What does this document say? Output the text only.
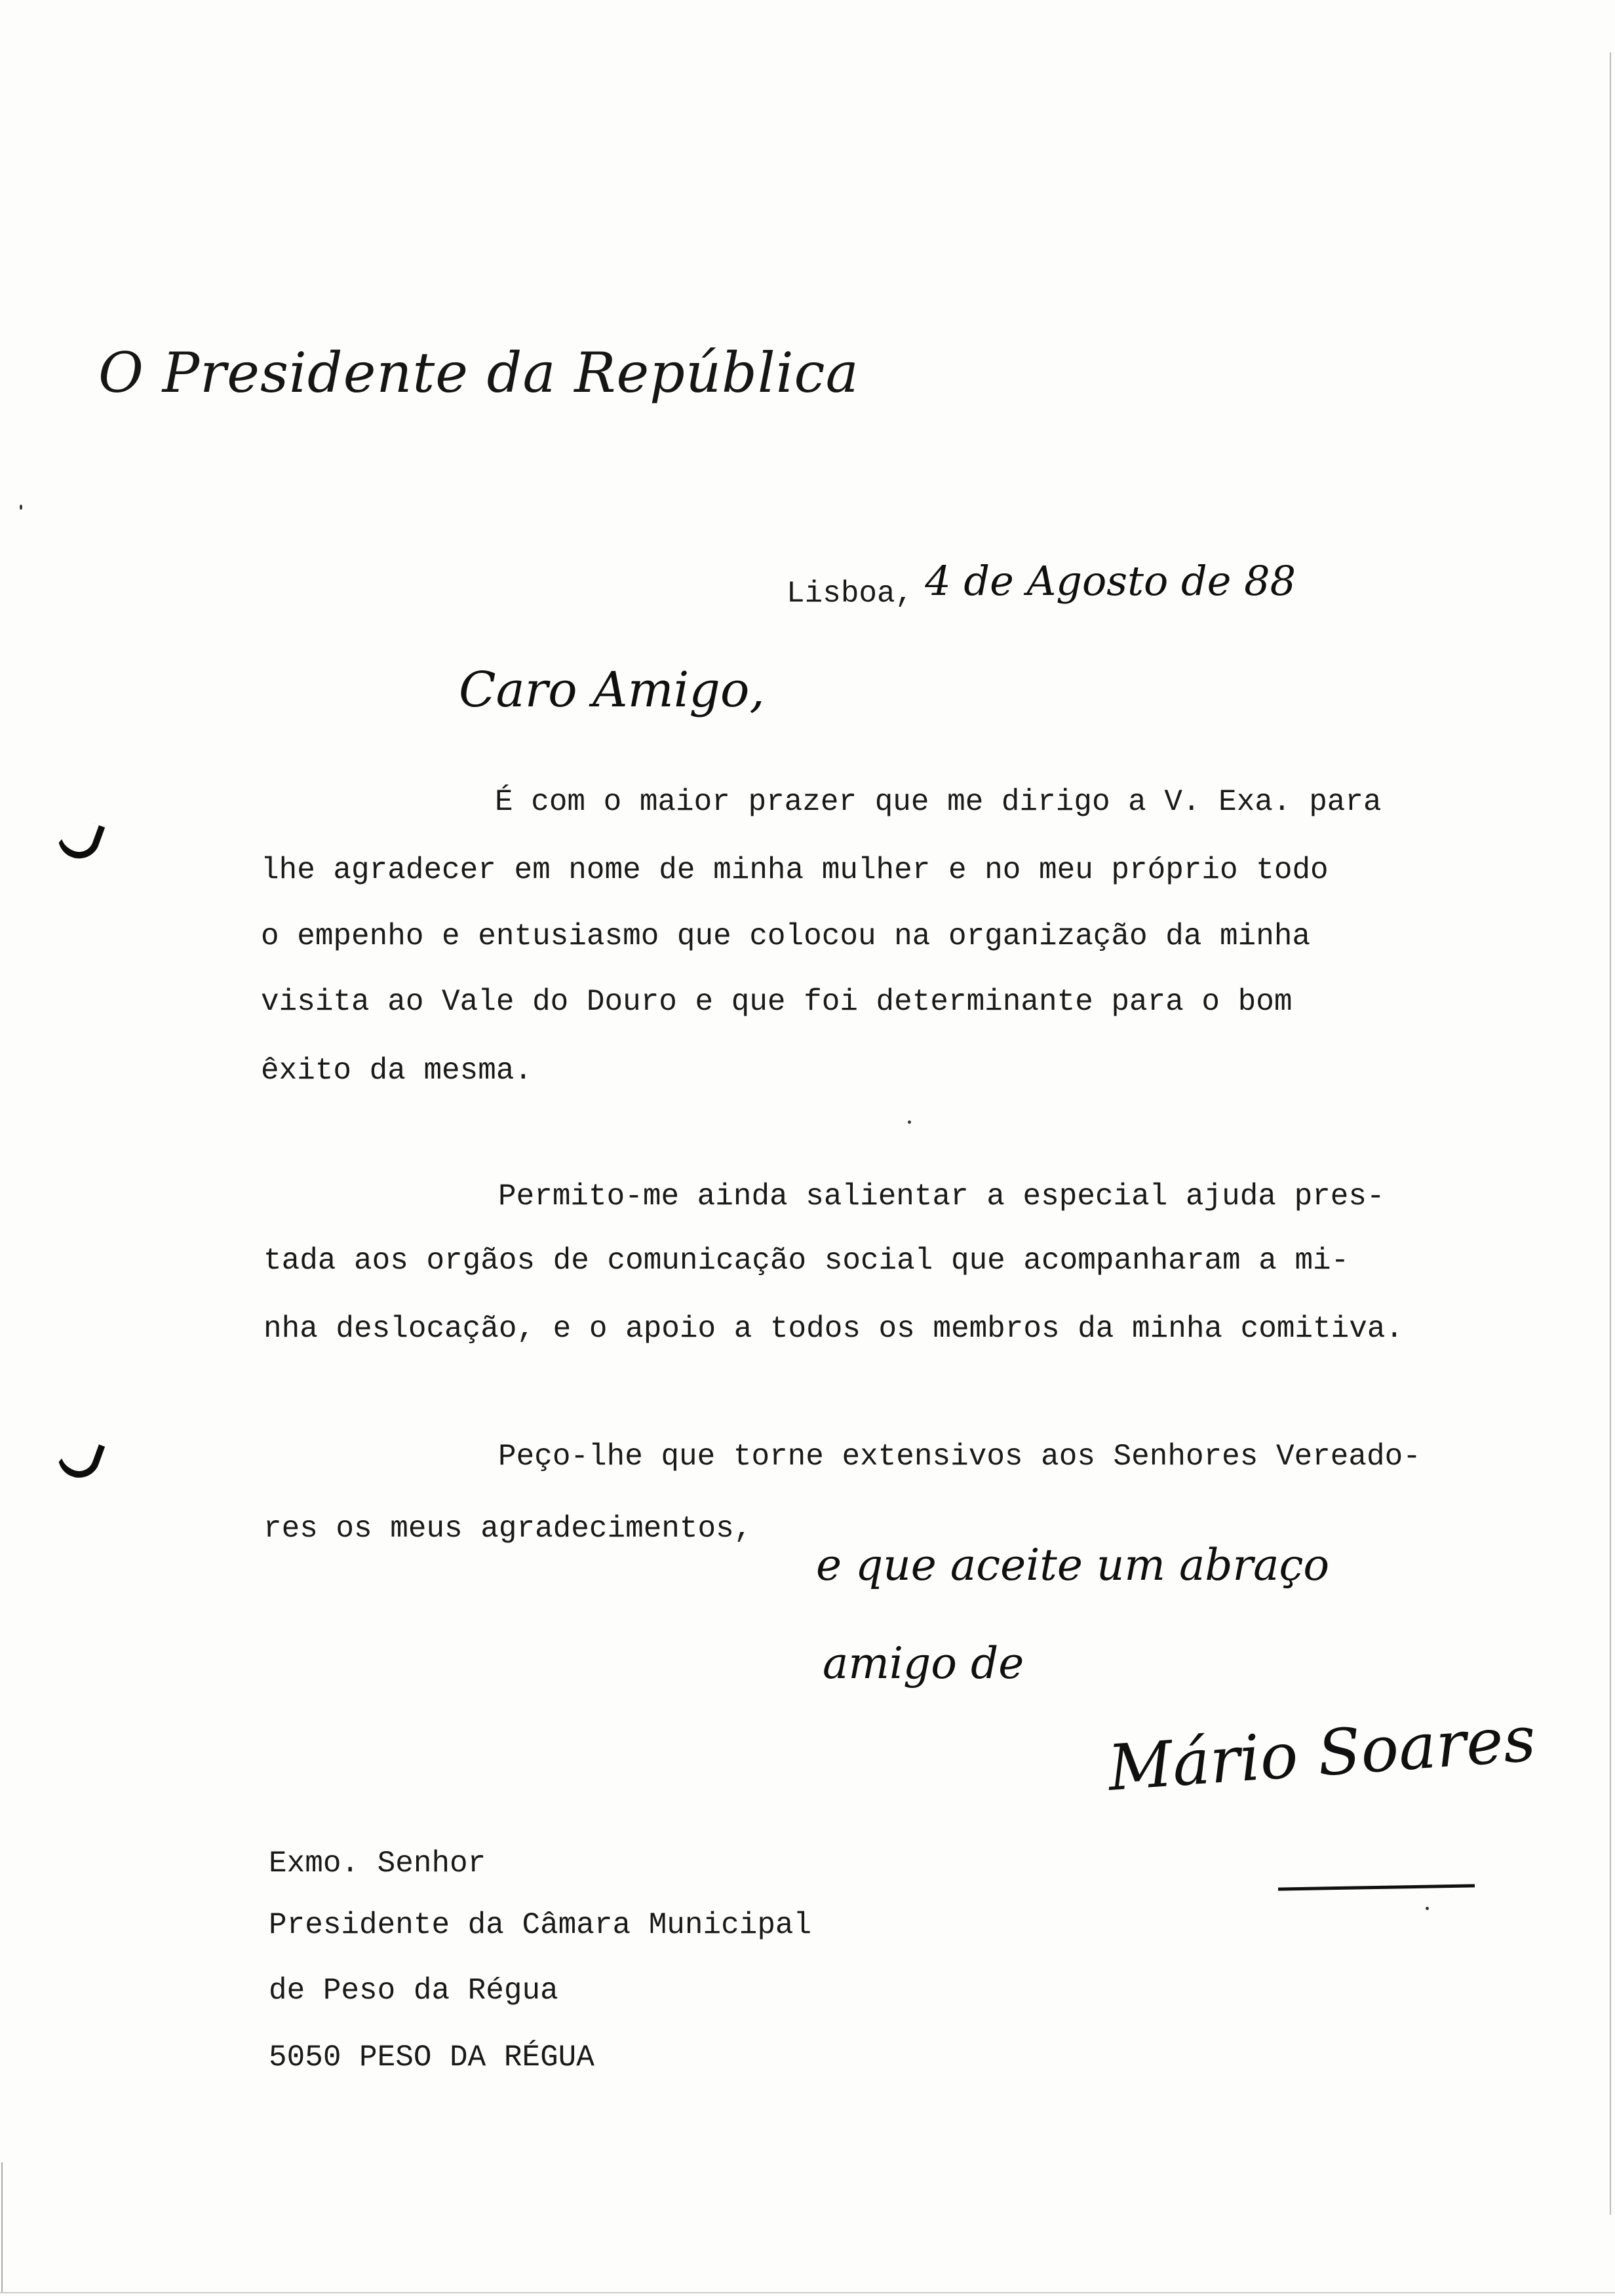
O Presidente da República
Lisboa, 4 de Agosto de 88
Caro Amigo,
É com o maior prazer que me dirigo a V. Exa. para
lhe agradecer em nome de minha mulher e no meu próprio todo
o empenho e entusiasmo que colocou na organização da minha
visita ao Vale do Douro e que foi determinante para o bom
êxito da mesma.
Permito-me ainda salientar a especial ajuda pres-
tada aos orgãos de comunicação social que acompanharam a mi-
nha deslocação, e o apoio a todos os membros da minha comitiva.
Peço-lhe que torne extensivos aos Senhores Vereado-
res os meus agradecimentos,
e que aceite um abraço
amigo de
Mário Soares
Exmo. Senhor
Presidente da Câmara Municipal
de Peso da Régua
5050 PESO DA RÉGUA
